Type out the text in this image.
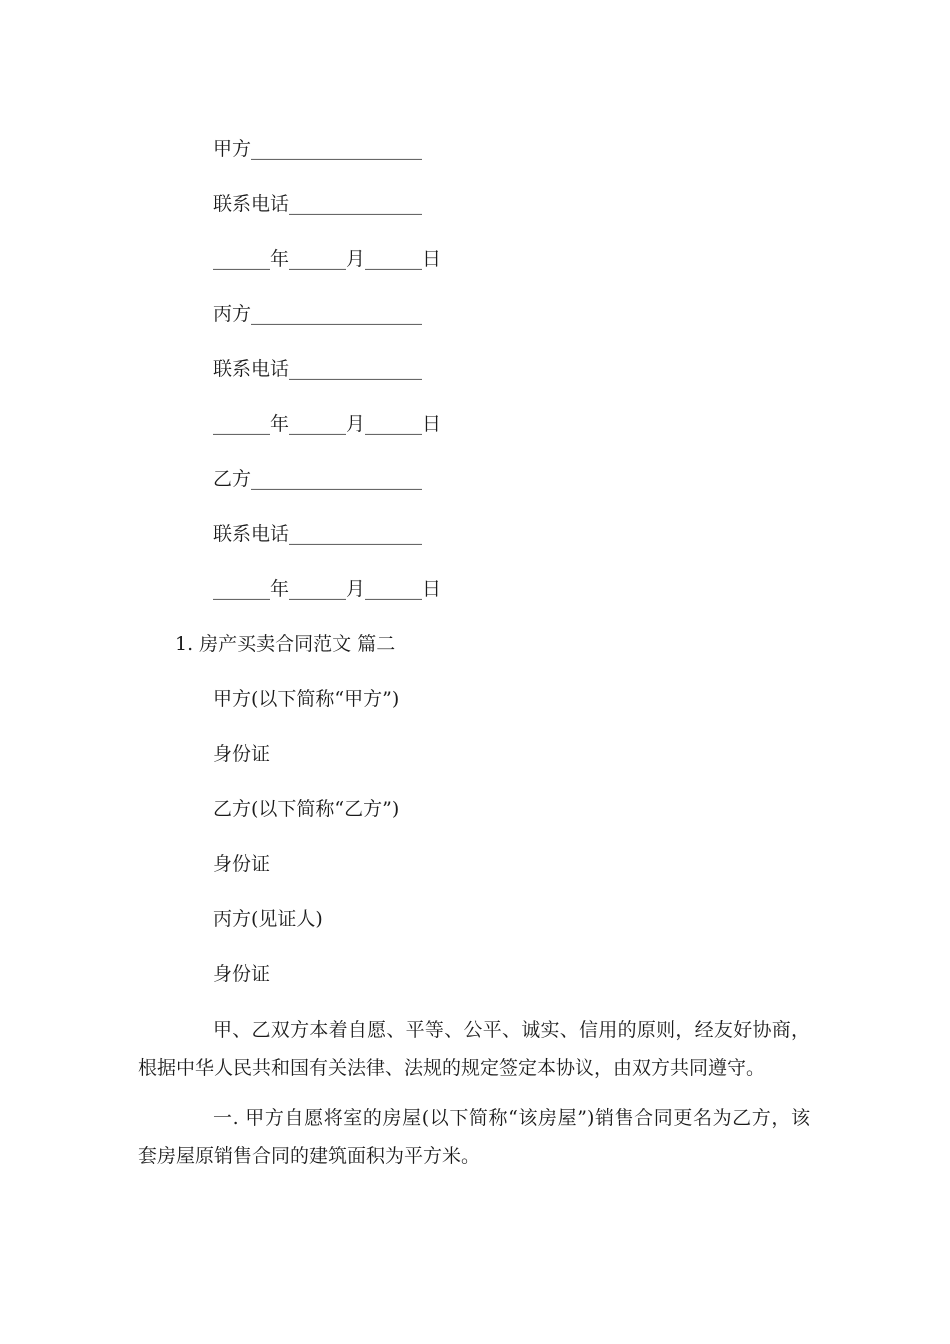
甲方__________________
联系电话______________
______年______月______日
丙方__________________
联系电话______________
______年______月______日
乙方__________________
联系电话______________
______年______月______日
1. 房产买卖合同范文 篇二
甲方(以下简称“甲方”)
身份证
乙方(以下简称“乙方”)
身份证
丙方(见证人)
身份证
甲、乙双方本着自愿、平等、公平、诚实、信用的原则，经友好协商，根据中华人民共和国有关法律、法规的规定签定本协议，由双方共同遵守。
一. 甲方自愿将室的房屋(以下简称“该房屋”)销售合同更名为乙方，该套房屋原销售合同的建筑面积为平方米。
